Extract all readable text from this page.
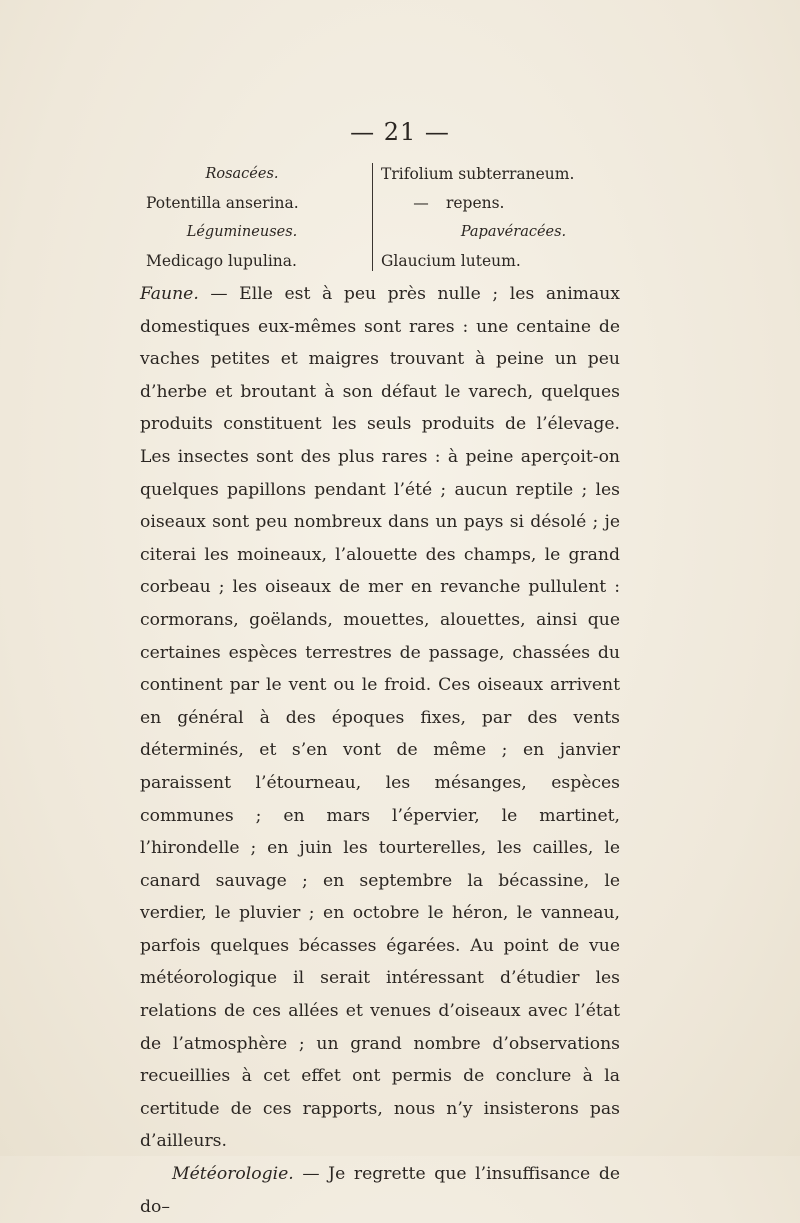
— 21 —
Rosacées.
Potentilla anserina.
Légumineuses.
Medicago lupulina.
Trifolium subterraneum.
— repens.
Papavéracées.
Glaucium luteum.

Faune. — Elle est à peu près nulle ; les animaux domestiques eux-mêmes sont rares : une centaine de vaches petites et maigres trouvant à peine un peu d’herbe et broutant à son défaut le varech, quelques produits constituent les seuls produits de l’élevage. Les insectes sont des plus rares : à peine aperçoit-on quelques papillons pendant l’été ; aucun reptile ; les oiseaux sont peu nombreux dans un pays si désolé ; je citerai les moineaux, l’alouette des champs, le grand corbeau ; les oiseaux de mer en revanche pullulent : cormorans, goëlands, mouettes, alouettes, ainsi que certaines espèces terrestres de passage, chassées du continent par le vent ou le froid. Ces oiseaux arrivent en général à des époques fixes, par des vents déterminés, et s’en vont de même ; en janvier paraissent l’étourneau, les mésanges, espèces communes ; en mars l’épervier, le martinet, l’hirondelle ; en juin les tourterelles, les cailles, le canard sauvage ; en septembre la bécassine, le verdier, le pluvier ; en octobre le héron, le vanneau, parfois quelques bécasses égarées. Au point de vue météorologique il serait intéressant d’étudier les relations de ces allées et venues d’oiseaux avec l’état de l’atmosphère ; un grand nombre d’observations recueillies à cet effet ont permis de conclure à la certitude de ces rapports, nous n’y insisterons pas d’ailleurs.

Météorologie. — Je regrette que l’insuffisance de do–
